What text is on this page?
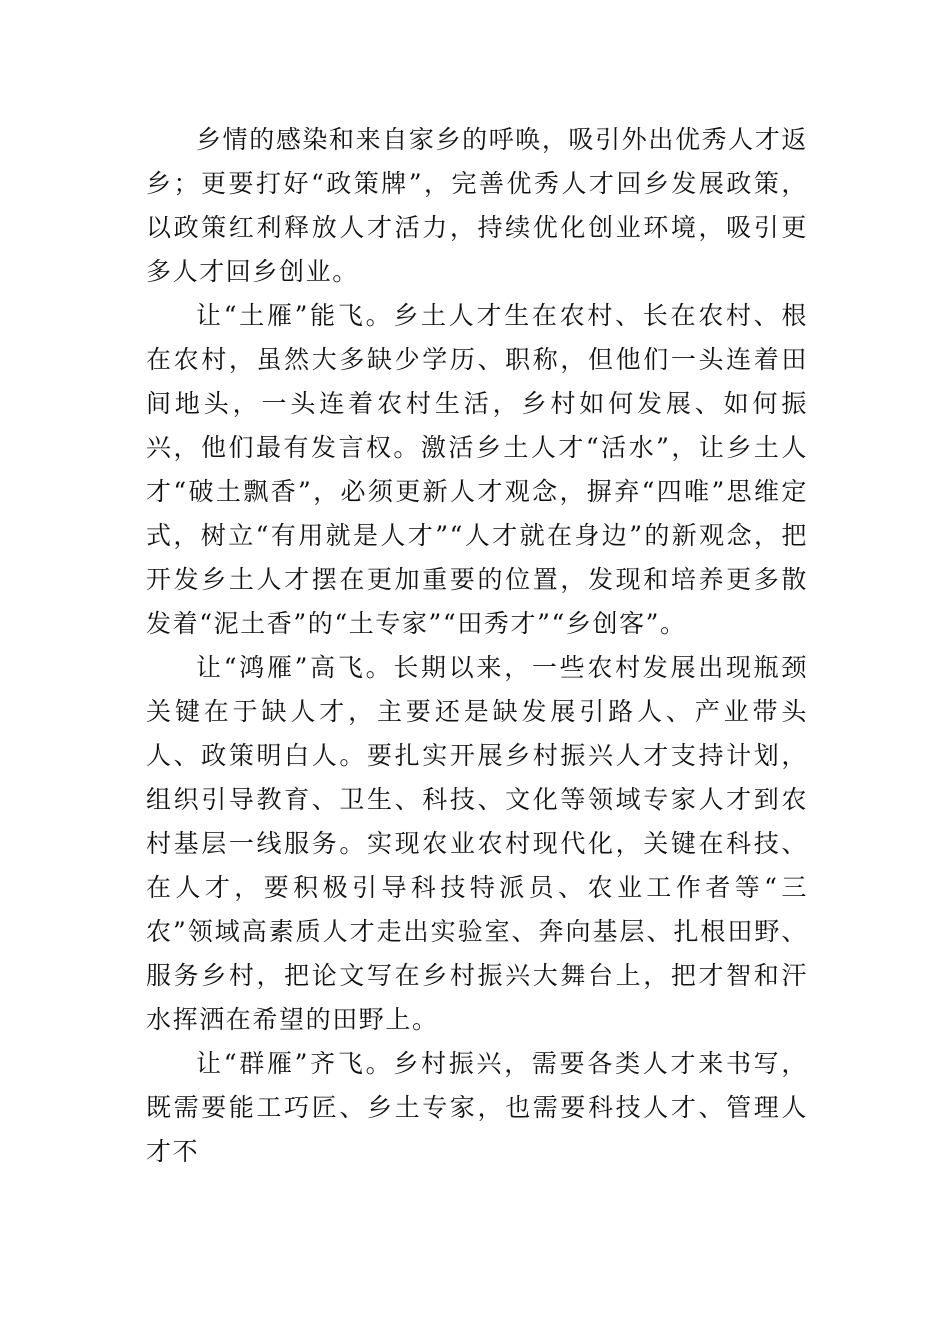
乡情的感染和来自家乡的呼唤，吸引外出优秀人才返乡；更要打好“政策牌”，完善优秀人才回乡发展政策，以政策红利释放人才活力，持续优化创业环境，吸引更多人才回乡创业。

让“土雁”能飞。乡土人才生在农村、长在农村、根在农村，虽然大多缺少学历、职称，但他们一头连着田间地头，一头连着农村生活，乡村如何发展、如何振兴，他们最有发言权。激活乡土人才“活水”，让乡土人才“破土飘香”，必须更新人才观念，摒弃“四唯”思维定式，树立“有用就是人才”“人才就在身边”的新观念，把开发乡土人才摆在更加重要的位置，发现和培养更多散发着“泥土香”的“土专家”“田秀才”“乡创客”。

让“鸿雁”高飞。长期以来，一些农村发展出现瓶颈关键在于缺人才，主要还是缺发展引路人、产业带头人、政策明白人。要扎实开展乡村振兴人才支持计划，组织引导教育、卫生、科技、文化等领域专家人才到农村基层一线服务。实现农业农村现代化，关键在科技、在人才，要积极引导科技特派员、农业工作者等“三农”领域高素质人才走出实验室、奔向基层、扎根田野、服务乡村，把论文写在乡村振兴大舞台上，把才智和汗水挥洒在希望的田野上。

让“群雁”齐飞。乡村振兴，需要各类人才来书写，既需要能工巧匠、乡土专家，也需要科技人才、管理人才不
